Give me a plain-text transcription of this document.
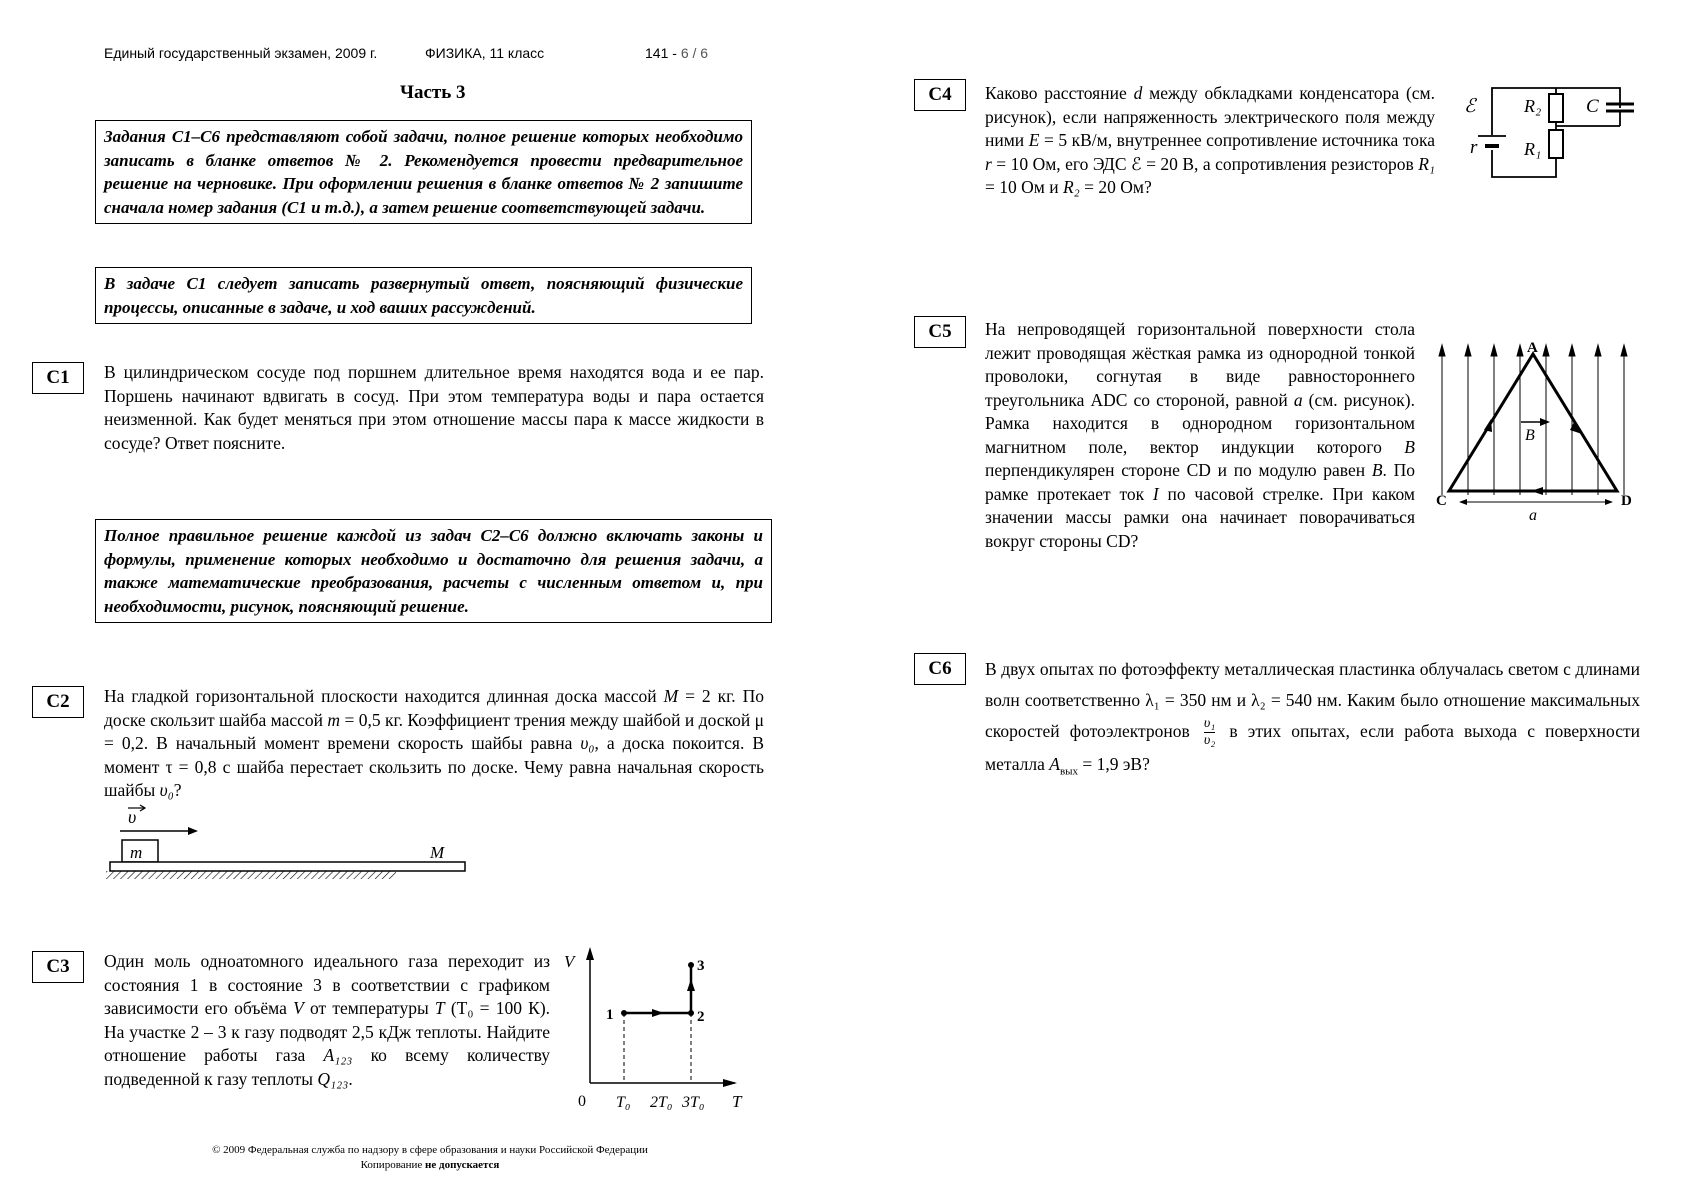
Единый государственный экзамен, 2009 г.	ФИЗИКА, 11 класс	141 - 6 / 6
Часть 3
Задания С1–С6 представляют собой задачи, полное решение которых необходимо записать в бланке ответов № 2. Рекомендуется провести предварительное решение на черновике. При оформлении решения в бланке ответов № 2 запишите сначала номер задания (С1 и т.д.), а затем решение соответствующей задачи.
В задаче С1 следует записать развернутый ответ, поясняющий физические процессы, описанные в задаче, и ход ваших рассуждений.
Полное правильное решение каждой из задач С2–С6 должно включать законы и формулы, применение которых необходимо и достаточно для решения задачи, а также математические преобразования, расчеты с численным ответом и, при необходимости, рисунок, поясняющий решение.
С1	В цилиндрическом сосуде под поршнем длительное время находятся вода и ее пар. Поршень начинают вдвигать в сосуд. При этом температура воды и пара остается неизменной. Как будет меняться при этом отношение массы пара к массе жидкости в сосуде? Ответ поясните.
С2	На гладкой горизонтальной плоскости находится длинная доска массой M = 2 кг. По доске скользит шайба массой m = 0,5 кг. Коэффициент трения между шайбой и доской μ = 0,2. В начальный момент времени скорость шайбы равна υ₀, а доска покоится. В момент τ = 0,8 с шайба перестает скользить по доске. Чему равна начальная скорость шайбы υ₀?
υ
m	M
С3	Один моль одноатомного идеального газа переходит из состояния 1 в состояние 3 в соответствии с графиком зависимости его объёма V от температуры T (T₀ = 100 К). На участке 2 – 3 к газу подводят 2,5 кДж теплоты. Найдите отношение работы газа A₁₂₃ ко всему количеству подведенной к газу теплоты Q₁₂₃.
V
T
0 T₀ 2T₀ 3T₀
1	2
3
© 2009 Федеральная служба по надзору в сфере образования и науки Российской Федерации
Копирование не допускается
С4	Каково расстояние d между обкладками конденсатора (см. рисунок), если напряженность электрического поля между ними E = 5 кВ/м, внутреннее сопротивление источника тока r = 10 Ом, его ЭДС ℰ = 20 В, а сопротивления резисторов R₁ = 10 Ом и R₂ = 20 Ом?
ℰ
r
R₂
R₁
C
С5	На непроводящей горизонтальной поверхности стола лежит проводящая жёсткая рамка из однородной тонкой проволоки, согнутая в виде равностороннего треугольника ADC со стороной, равной a (см. рисунок). Рамка находится в однородном горизонтальном магнитном поле, вектор индукции которого B перпендикулярен стороне CD и по модулю равен B. По рамке протекает ток I по часовой стрелке. При каком значении массы рамки она начинает поворачиваться вокруг стороны CD?
B
a
A
C	D
С6	В двух опытах по фотоэффекту металлическая пластинка облучалась светом с длинами волн соответственно λ₁ = 350 нм и λ₂ = 540 нм. Каким было отношение максимальных скоростей фотоэлектронов $\frac{\text{υ₁}}{\text{υ₂}}$ в этих опытах, если работа выхода с поверхности металла $A_{вых} = 1,9$ эВ?
